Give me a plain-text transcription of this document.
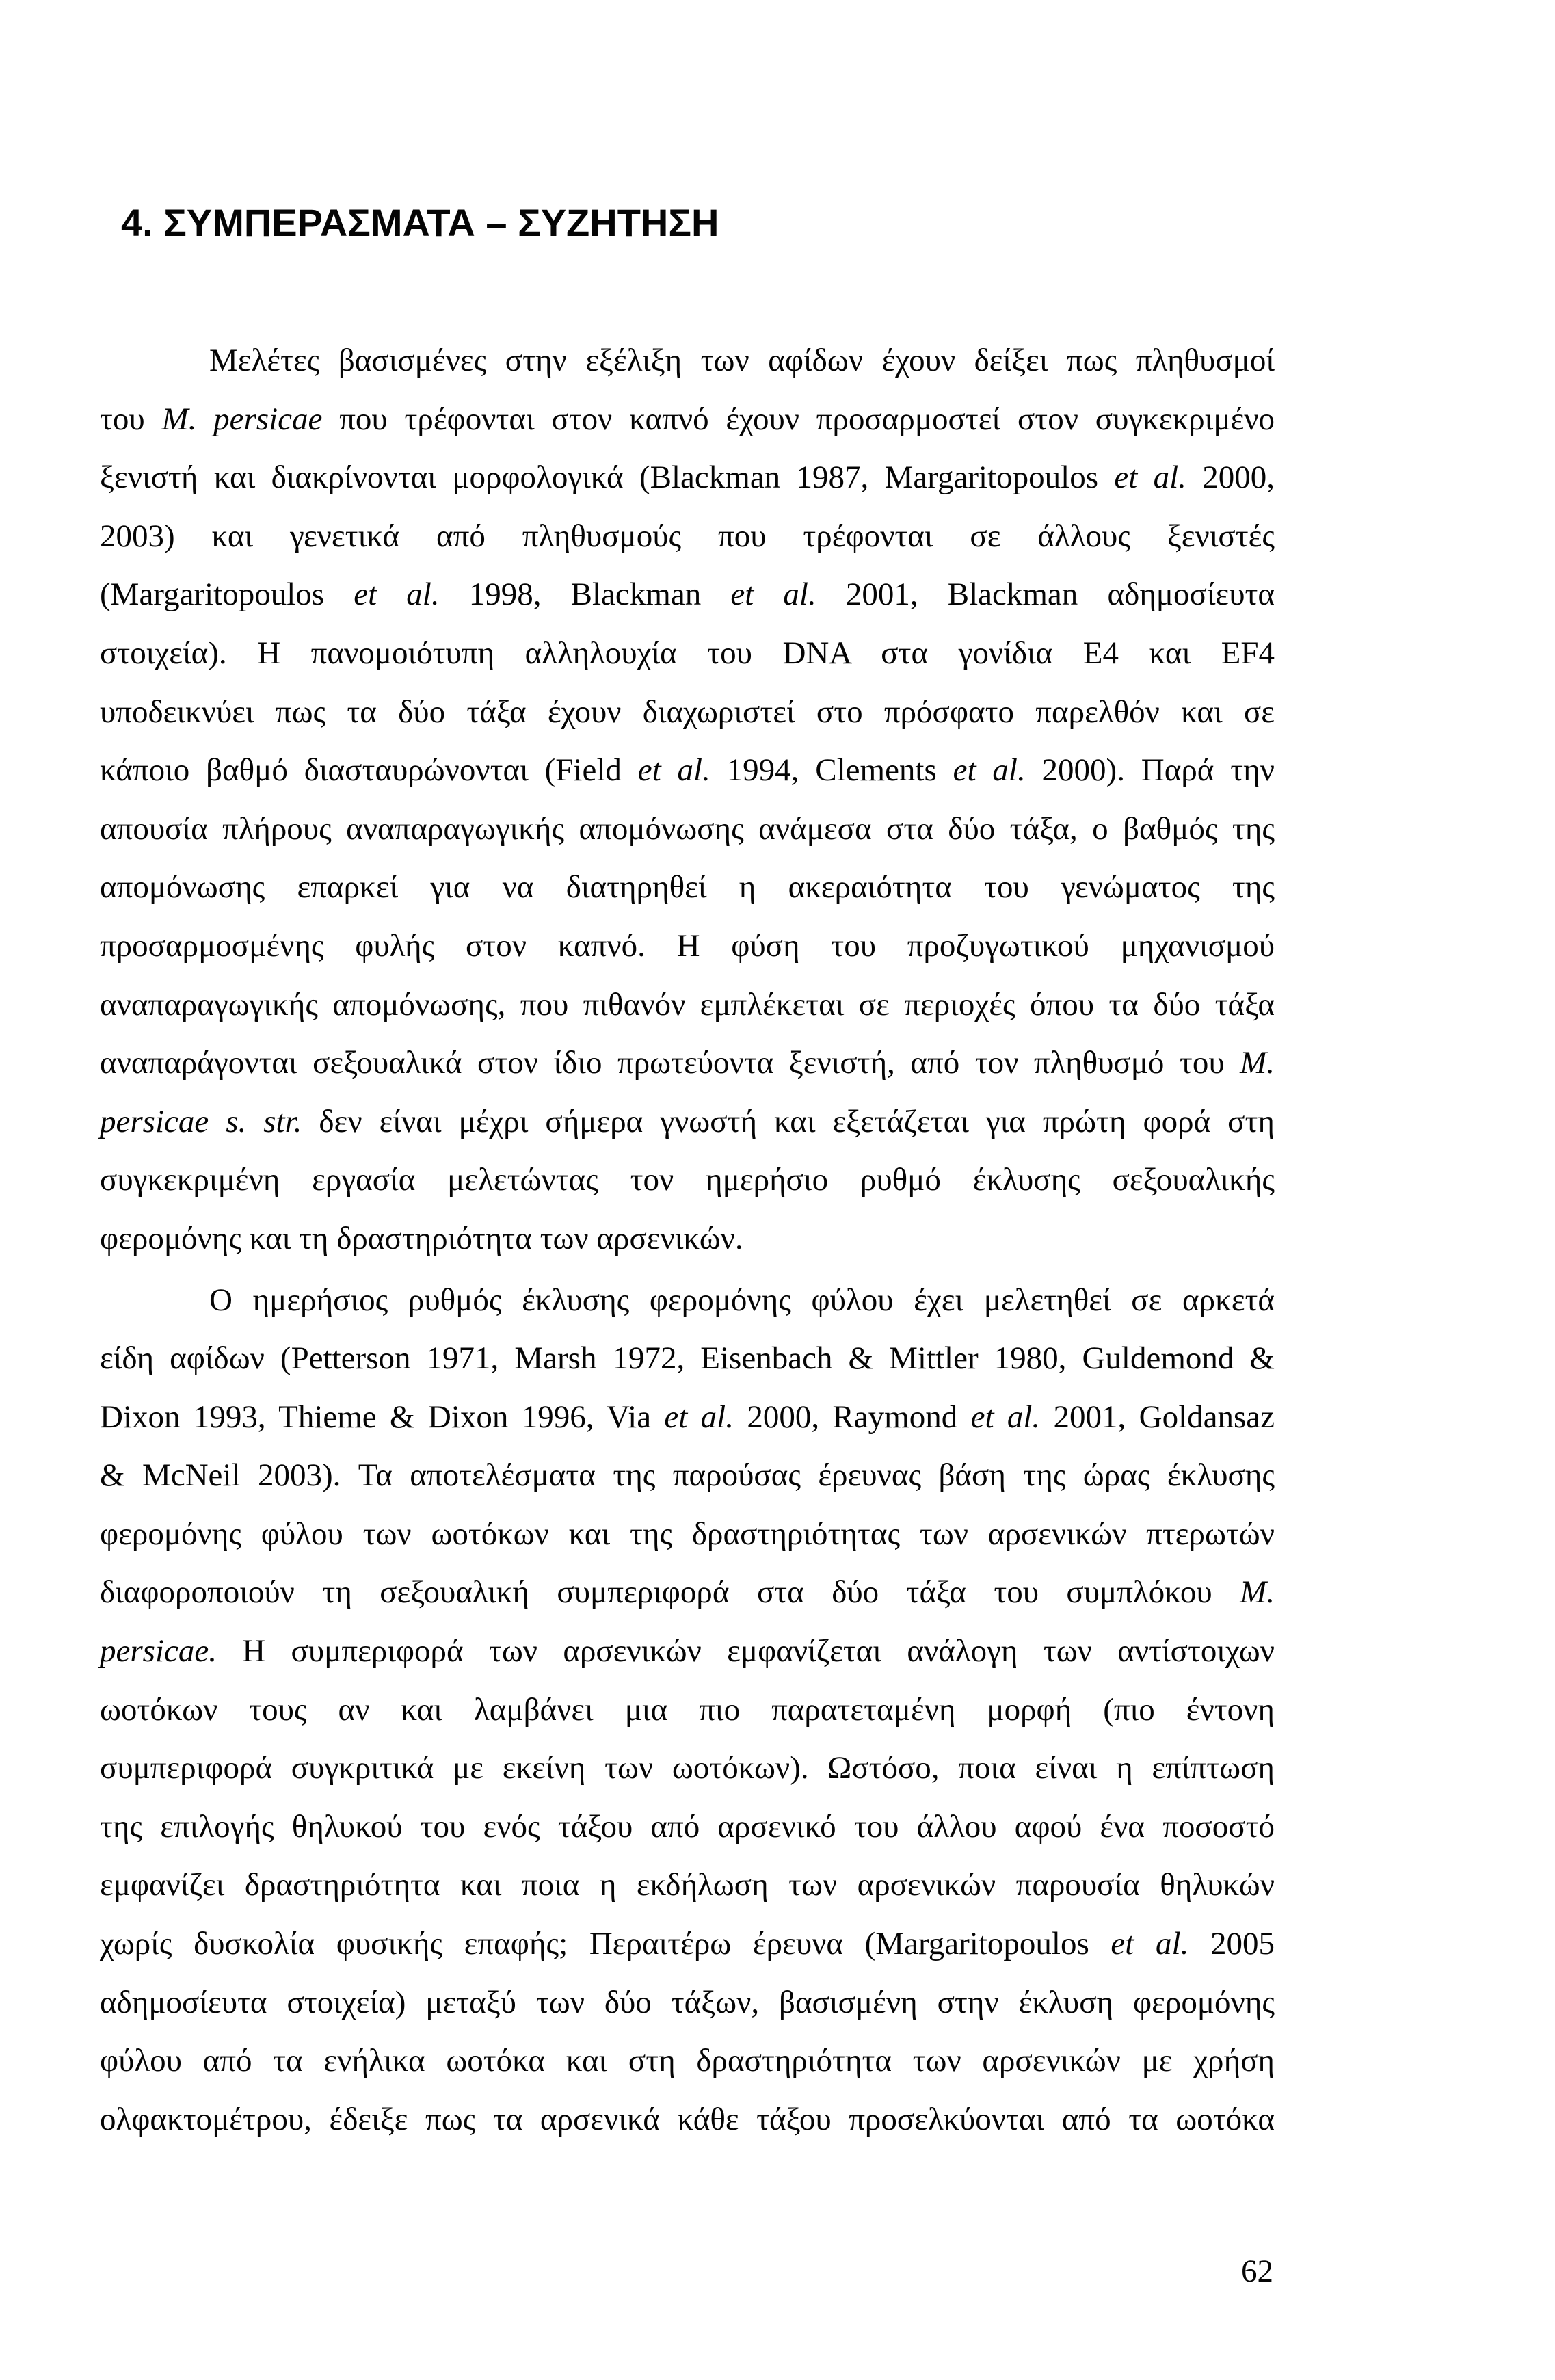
4. ΣΥΜΠΕΡΑΣΜΑΤΑ – ΣΥΖΗΤΗΣΗ
Μελέτες βασισμένες στην εξέλιξη των αφίδων έχουν δείξει πως πληθυσμοί
του M. persicae που τρέφονται στον καπνό έχουν προσαρμοστεί στον συγκεκριμένο
ξενιστή και διακρίνονται μορφολογικά (Blackman 1987, Margaritopoulos et al. 2000,
2003) και γενετικά από πληθυσμούς που τρέφονται σε άλλους ξενιστές
(Margaritopoulos et al. 1998, Blackman et al. 2001, Blackman αδημοσίευτα
στοιχεία). Η πανομοιότυπη αλληλουχία του DNA στα γονίδια E4 και EF4
υποδεικνύει πως τα δύο τάξα έχουν διαχωριστεί στο πρόσφατο παρελθόν και σε
κάποιο βαθμό διασταυρώνονται (Field et al. 1994, Clements et al. 2000). Παρά την
απουσία πλήρους αναπαραγωγικής απομόνωσης ανάμεσα στα δύο τάξα, ο βαθμός της
απομόνωσης επαρκεί για να διατηρηθεί η ακεραιότητα του γενώματος της
προσαρμοσμένης φυλής στον καπνό. Η φύση του προζυγωτικού μηχανισμού
αναπαραγωγικής απομόνωσης, που πιθανόν εμπλέκεται σε περιοχές όπου τα δύο τάξα
αναπαράγονται σεξουαλικά στον ίδιο πρωτεύοντα ξενιστή, από τον πληθυσμό του M.
persicae s. str. δεν είναι μέχρι σήμερα γνωστή και εξετάζεται για πρώτη φορά στη
συγκεκριμένη εργασία μελετώντας τον ημερήσιο ρυθμό έκλυσης σεξουαλικής
φερομόνης και τη δραστηριότητα των αρσενικών.
Ο ημερήσιος ρυθμός έκλυσης φερομόνης φύλου έχει μελετηθεί σε αρκετά
είδη αφίδων (Petterson 1971, Marsh 1972, Eisenbach & Mittler 1980, Guldemond &
Dixon 1993, Thieme & Dixon 1996, Via et al. 2000, Raymond et al. 2001, Goldansaz
& McNeil 2003). Τα αποτελέσματα της παρούσας έρευνας βάση της ώρας έκλυσης
φερομόνης φύλου των ωοτόκων και της δραστηριότητας των αρσενικών πτερωτών
διαφοροποιούν τη σεξουαλική συμπεριφορά στα δύο τάξα του συμπλόκου M.
persicae. Η συμπεριφορά των αρσενικών εμφανίζεται ανάλογη των αντίστοιχων
ωοτόκων τους αν και λαμβάνει μια πιο παρατεταμένη μορφή (πιο έντονη
συμπεριφορά συγκριτικά με εκείνη των ωοτόκων). Ωστόσο, ποια είναι η επίπτωση
της επιλογής θηλυκού του ενός τάξου από αρσενικό του άλλου αφού ένα ποσοστό
εμφανίζει δραστηριότητα και ποια η εκδήλωση των αρσενικών παρουσία θηλυκών
χωρίς δυσκολία φυσικής επαφής; Περαιτέρω έρευνα (Margaritopoulos et al. 2005
αδημοσίευτα στοιχεία) μεταξύ των δύο τάξων, βασισμένη στην έκλυση φερομόνης
φύλου από τα ενήλικα ωοτόκα και στη δραστηριότητα των αρσενικών με χρήση
ολφακτομέτρου, έδειξε πως τα αρσενικά κάθε τάξου προσελκύονται από τα ωοτόκα
62
